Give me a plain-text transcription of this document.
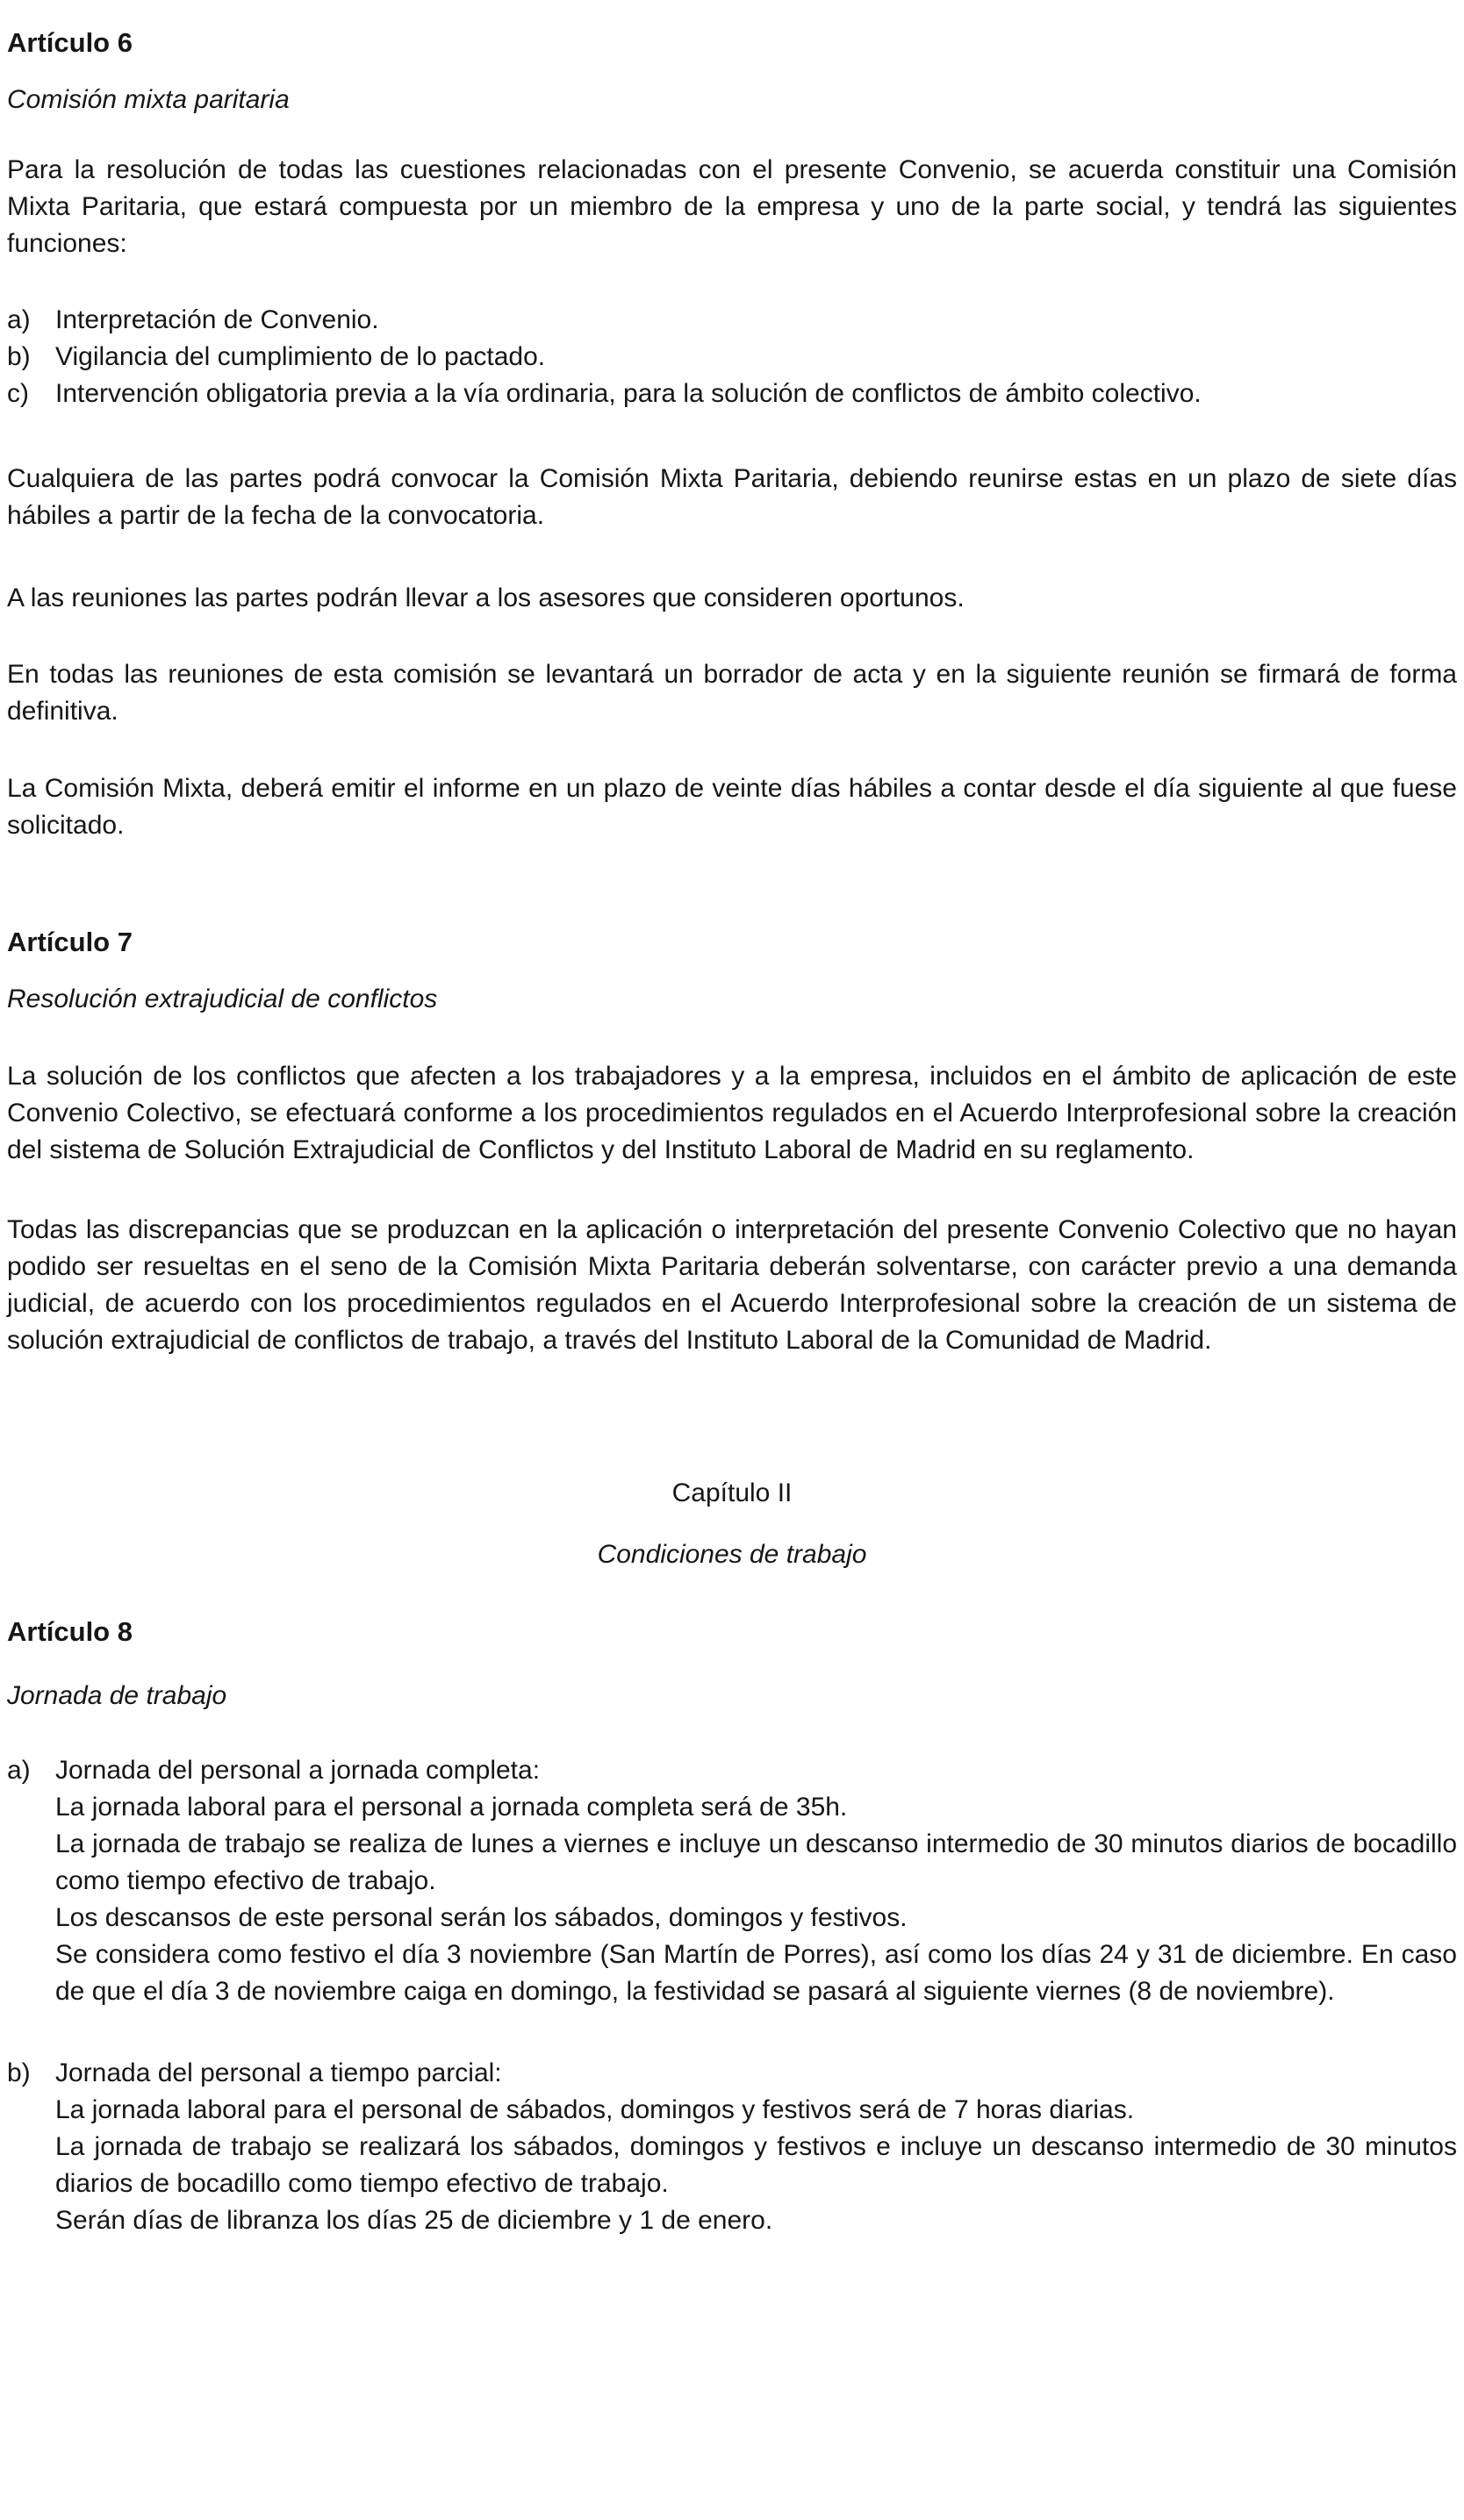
Artículo 6
Comisión mixta paritaria
Para la resolución de todas las cuestiones relacionadas con el presente Convenio, se acuerda constituir una Comisión Mixta Paritaria, que estará compuesta por un miembro de la empresa y uno de la parte social, y tendrá las siguientes funciones:
a) Interpretación de Convenio.

b) Vigilancia del cumplimiento de lo pactado.

c)	Intervención obligatoria previa a la vía ordinaria, para la solución de conflictos de ámbito colectivo.

Cualquiera de las partes podrá convocar la Comisión Mixta Paritaria, debiendo reunirse estas en un plazo de siete días hábiles a partir de la fecha de la convocatoria.
A las reuniones las partes podrán llevar a los asesores que consideren oportunos.
En todas las reuniones de esta comisión se levantará un borrador de acta y en la siguiente reunión se firmará de forma definitiva.
La Comisión Mixta, deberá emitir el informe en un plazo de veinte días hábiles a contar desde el día siguiente al que fuese solicitado.
Artículo 7
Resolución extrajudicial de conflictos
La solución de los conflictos que afecten a los trabajadores y a la empresa, incluidos en el ámbito de aplicación de este Convenio Colectivo, se efectuará conforme a los procedimientos regulados en el Acuerdo Interprofesional sobre la creación del sistema de Solución Extrajudicial de Conflictos y del Instituto Laboral de Madrid en su reglamento.
Todas las discrepancias que se produzcan en la aplicación o interpretación del presente Convenio Colectivo que no hayan podido ser resueltas en el seno de la Comisión Mixta Paritaria deberán solventarse, con carácter previo a una demanda judicial, de acuerdo con los procedimientos regulados en el Acuerdo Interprofesional sobre la creación de un sistema de solución extrajudicial de conflictos de trabajo, a través del Instituto Laboral de la Comunidad de Madrid.
Capítulo II
Condiciones de trabajo
Artículo 8
Jornada de trabajo
a) Jornada del personal a jornada completa:

La jornada laboral para el personal a jornada completa será de 35h.

La jornada de trabajo se realiza de lunes a viernes e incluye un descanso intermedio de 30 minutos diarios de bocadillo como tiempo efectivo de trabajo.

Los descansos de este personal serán los sábados, domingos y festivos.

Se considera como festivo el día 3 noviembre (San Martín de Porres), así como los días 24 y 31 de diciembre. En caso de que el día 3 de noviembre caiga en domingo, la festividad se pasará al siguiente viernes (8 de noviembre).

b) Jornada del personal a tiempo parcial:

La jornada laboral para el personal de sábados, domingos y festivos será de 7 horas diarias.

La jornada de trabajo se realizará los sábados, domingos y festivos e incluye un descanso intermedio de 30 minutos diarios de bocadillo como tiempo efectivo de trabajo.

Serán días de libranza los días 25 de diciembre y 1 de enero.
